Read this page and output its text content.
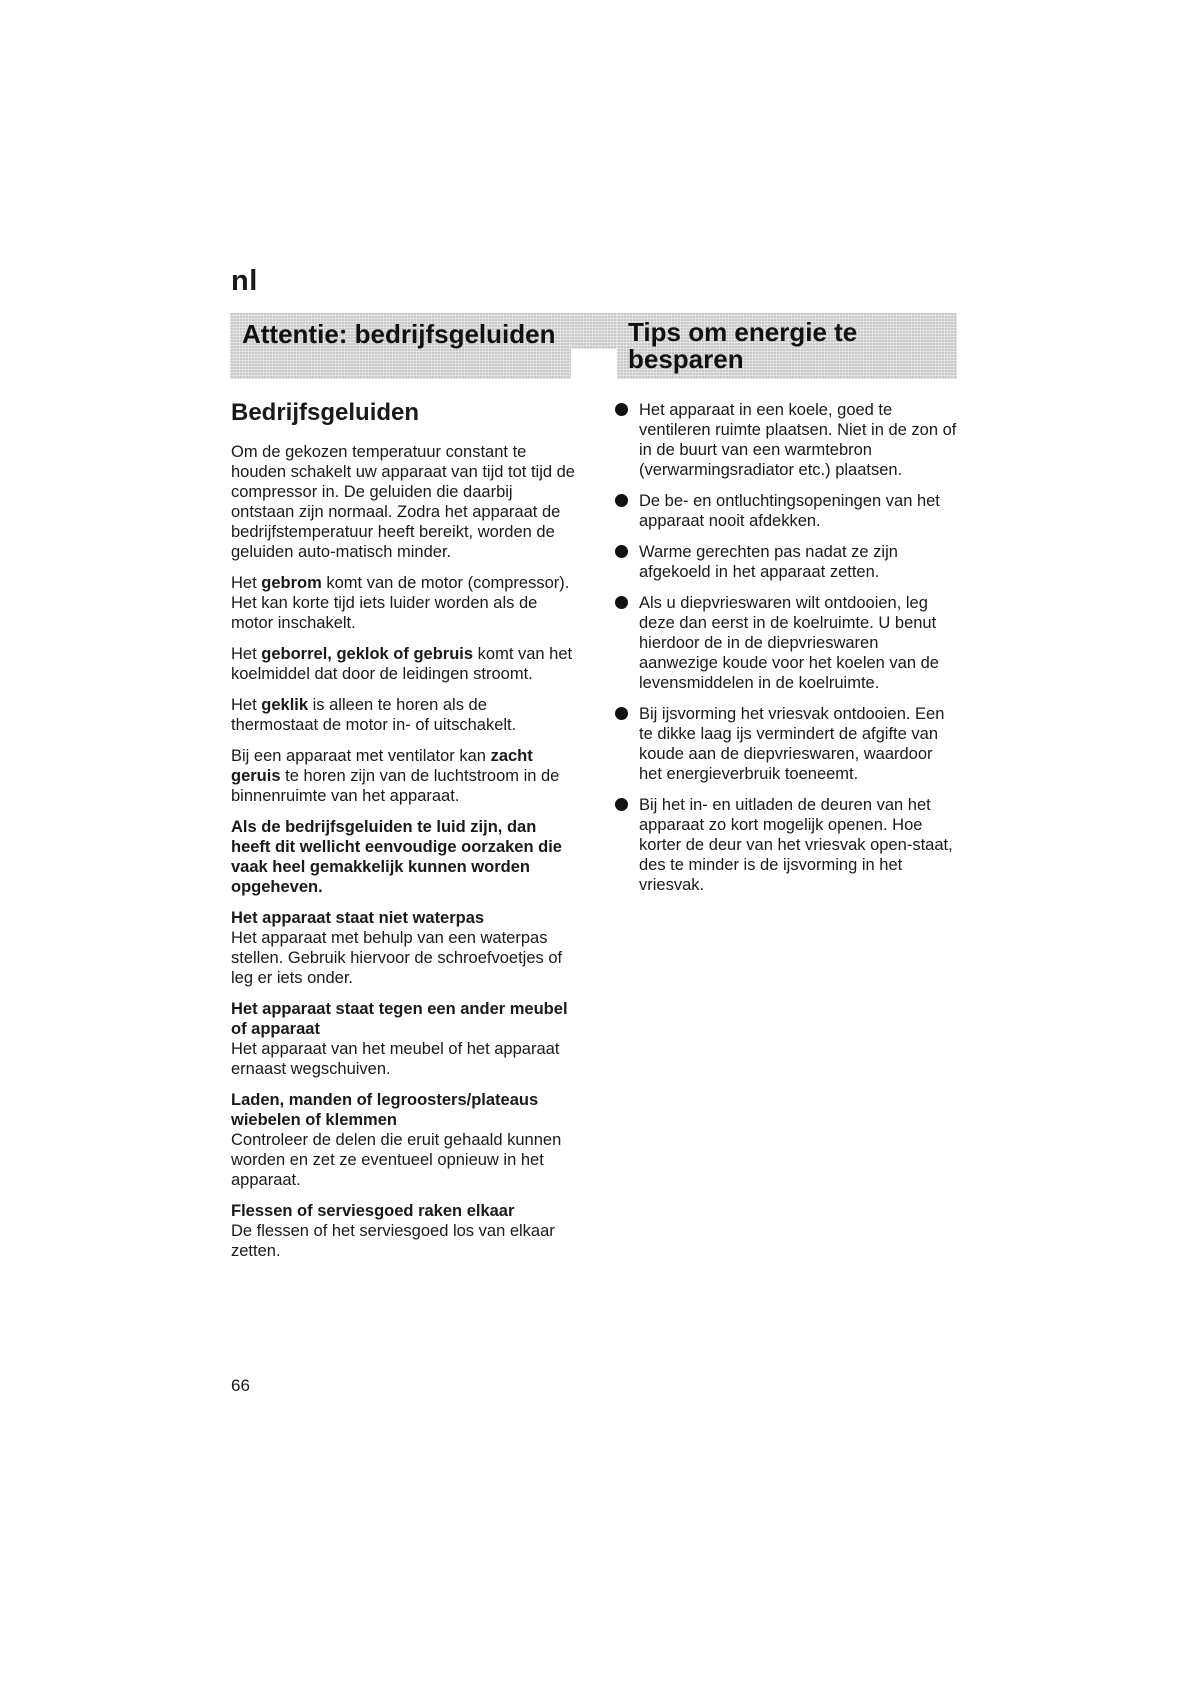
nl
Attentie: bedrijfsgeluiden	Tips om energie te besparen
Bedrijfsgeluiden

Om de gekozen temperatuur constant te houden schakelt uw apparaat van tijd tot tijd de compressor in. De geluiden die daarbij ontstaan zijn normaal. Zodra het apparaat de bedrijfstemperatuur heeft bereikt, worden de geluiden auto-matisch minder.

Het gebrom komt van de motor (compressor). Het kan korte tijd iets luider worden als de motor inschakelt.

Het geborrel, geklok of gebruis komt van het koelmiddel dat door de leidingen stroomt.

Het geklik is alleen te horen als de thermostaat de motor in- of uitschakelt.

Bij een apparaat met ventilator kan zacht geruis te horen zijn van de luchtstroom in de binnenruimte van het apparaat.

Als de bedrijfsgeluiden te luid zijn, dan heeft dit wellicht eenvoudige oorzaken die vaak heel gemakkelijk kunnen worden opgeheven.

Het apparaat staat niet waterpas
Het apparaat met behulp van een waterpas stellen. Gebruik hiervoor de schroefvoetjes of leg er iets onder.
Het apparaat staat tegen een ander meubel of apparaat
Het apparaat van het meubel of het apparaat ernaast wegschuiven.
Laden, manden of legroosters/plateaus wiebelen of klemmen
Controleer de delen die eruit gehaald kunnen worden en zet ze eventueel opnieuw in het apparaat.
Flessen of serviesgoed raken elkaar
De flessen of het serviesgoed los van elkaar zetten.
Het apparaat in een koele, goed te ventileren ruimte plaatsen. Niet in de zon of in de buurt van een warmtebron (verwarmingsradiator etc.) plaatsen.
De be- en ontluchtingsopeningen van het apparaat nooit afdekken.
Warme gerechten pas nadat ze zijn afgekoeld in het apparaat zetten.
Als u diepvrieswaren wilt ontdooien, leg deze dan eerst in de koelruimte. U benut hierdoor de in de diepvrieswaren aanwezige koude voor het koelen van de levensmiddelen in de koelruimte.
Bij ijsvorming het vriesvak ontdooien. Een te dikke laag ijs vermindert de afgifte van koude aan de diepvrieswaren, waardoor het energieverbruik toeneemt.
Bij het in- en uitladen de deuren van het apparaat zo kort mogelijk openen. Hoe korter de deur van het vriesvak open-staat, des te minder is de ijsvorming in het vriesvak.
66
